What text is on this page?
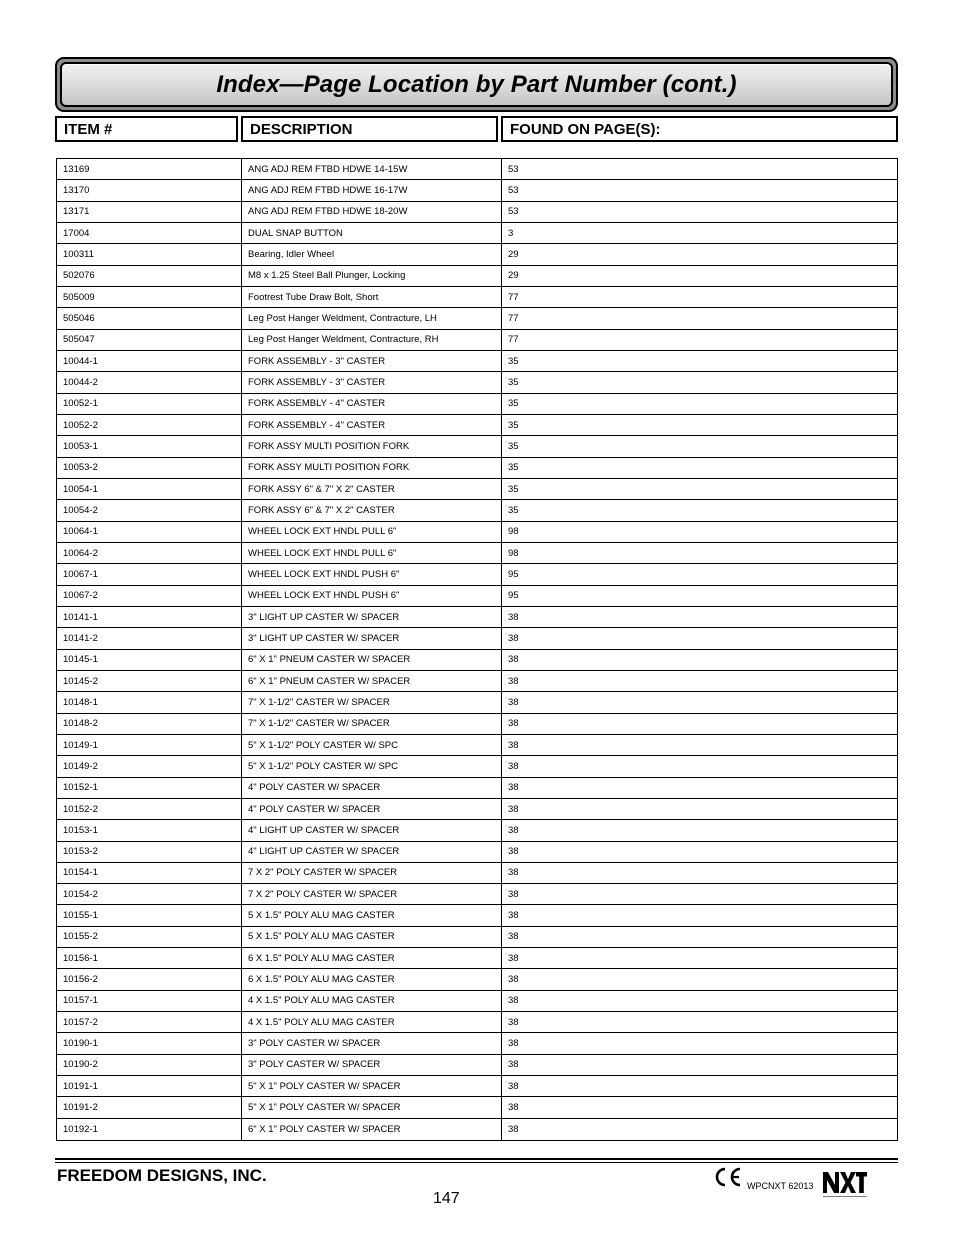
Index—Page Location by Part Number (cont.)
ITEM #	DESCRIPTION	FOUND ON PAGE(S):
13169	ANG ADJ REM FTBD HDWE 14-15W	53
13170	ANG ADJ REM FTBD HDWE 16-17W	53
13171	ANG ADJ REM FTBD HDWE 18-20W	53
17004	DUAL SNAP BUTTON	3
100311	Bearing, Idler Wheel	29
502076	M8 x 1.25 Steel Ball Plunger, Locking	29
505009	Footrest Tube Draw Bolt, Short	77
505046	Leg Post Hanger Weldment, Contracture, LH	77
505047	Leg Post Hanger Weldment, Contracture, RH	77
10044-1	FORK ASSEMBLY - 3" CASTER	35
10044-2	FORK ASSEMBLY - 3" CASTER	35
10052-1	FORK ASSEMBLY - 4" CASTER	35
10052-2	FORK ASSEMBLY - 4" CASTER	35
10053-1	FORK ASSY MULTI POSITION FORK	35
10053-2	FORK ASSY MULTI POSITION FORK	35
10054-1	FORK ASSY 6" & 7" X 2" CASTER	35
10054-2	FORK ASSY 6" & 7" X 2" CASTER	35
10064-1	WHEEL LOCK EXT HNDL PULL 6"	98
10064-2	WHEEL LOCK EXT HNDL PULL 6"	98
10067-1	WHEEL LOCK EXT HNDL PUSH 6"	95
10067-2	WHEEL LOCK EXT HNDL PUSH 6"	95
10141-1	3" LIGHT UP CASTER W/ SPACER	38
10141-2	3" LIGHT UP CASTER W/ SPACER	38
10145-1	6" X 1" PNEUM CASTER W/ SPACER	38
10145-2	6" X 1" PNEUM CASTER W/ SPACER	38
10148-1	7" X 1-1/2" CASTER W/ SPACER	38
10148-2	7" X 1-1/2" CASTER W/ SPACER	38
10149-1	5" X 1-1/2" POLY CASTER W/ SPC	38
10149-2	5" X 1-1/2" POLY CASTER W/ SPC	38
10152-1	4" POLY CASTER W/ SPACER	38
10152-2	4" POLY CASTER W/ SPACER	38
10153-1	4" LIGHT UP CASTER W/ SPACER	38
10153-2	4" LIGHT UP CASTER W/ SPACER	38
10154-1	7 X 2" POLY CASTER W/ SPACER	38
10154-2	7 X 2" POLY CASTER W/ SPACER	38
10155-1	5 X 1.5" POLY ALU MAG CASTER	38
10155-2	5 X 1.5" POLY ALU MAG CASTER	38
10156-1	6 X 1.5" POLY ALU MAG CASTER	38
10156-2	6 X 1.5" POLY ALU MAG CASTER	38
10157-1	4 X 1.5" POLY ALU MAG CASTER	38
10157-2	4 X 1.5" POLY ALU MAG CASTER	38
10190-1	3" POLY CASTER W/ SPACER	38
10190-2	3" POLY CASTER W/ SPACER	38
10191-1	5" X 1" POLY CASTER W/ SPACER	38
10191-2	5" X 1" POLY CASTER W/ SPACER	38
10192-1	6" X 1" POLY CASTER W/ SPACER	38
FREEDOM DESIGNS, INC.
147
WPCNXT 62013
